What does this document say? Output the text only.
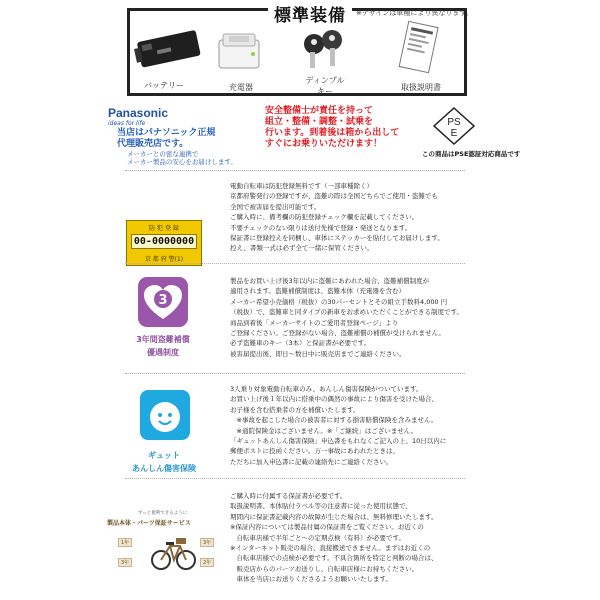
標準装備	※デザインは車種により異なります。
バッテリー	充電器
ディンプル
キー	取扱説明書
Panasonic
ideas for life
当店はパナソニック正規
代理販売店です。
メーカーとの密な連携で
メーカー製品の安心をお届けします。
安全整備士が責任を持って
組立・整備・調整・試乗を
行います。到着後は箱から出して
すぐにお乗りいただけます！
PS
E
この商品はPSE認証対応商品です
防 犯 登 録
00-0000000
京 都 府 警(1)
電動自転車は防犯登録無料です（一部車種除く）
京都府警発行の登録ですが、盗難の際は全国どちらでご使用・盗難でも
全国で被害届を提出可能です。
ご購入時に、備考欄の防犯登録チェック欄を記載してください。
不要チェックのない限りは送付先様で登録・発送となります。
保証書に登録控えを同梱し、車体にステッカーを貼付してお届けします。
控え、書類一式は必ず全て一緒に保管ください。
3
3年間盗難補償
優遇制度
製品をお買い上げ後3年以内に盗難にあわれた場合、盗難補償制度が
適用されます。盗難補償制度は、盗難本体（充電器を含む）
メーカー希望小売価格（税抜）の30パーセントとその組立手数料4,000 円
（税抜）で、盗難車と同タイプの新車をお求めいただくことができる制度です。
商品到着後「メーカーサイトのご愛用者登録ページ」より
ご登録ください。ご登録がない場合、盗難補償の補償が受けられません。
必ず盗難車のキー（3本）と保証書が必要です。
被害届提出後、即日～数日中に販売店までご連絡ください。
ギュット
あんしん傷害保険
3人乗り対象電動自転車のみ、あんしん傷害保険がついています。
お買い上げ後１年以内に搭乗中の偶然の事故により傷害を受けた場合、
お子様を含む搭乗者の方を補償いたします。
　※事故を起こした場合の被害者に対する損害賠償保険を含みません。
　※通院保険金はございません。※「ご継続」はございません。
「ギュットあんしん傷害保険」申込書をもれなくご記入の上、10日以内に
郵便ポストに投函ください。万一事故にあわれたときは、
ただちに加入申込書に記載の連絡先にご連絡ください。
ずっと便利できるように
製品本体・パーツ保証サービス
1年
3年
3年
2年
ご購入時に付属する保証書が必要です。
取扱説明書、本体貼付ラベル等の注意書に従った使用状態で、
期間内に保証書記載内容の故障が生じた場合は、無料修理いたします。
※保証内容については製品付属の保証書をご覧ください。お近くの
　自転車店様で半年ごと～の定期点検（有料）が必要です。
※インターネット販売の場合、直接搬送できません。まずはお近くの
　自転車店様での点検が必要です。不具合箇所を特定と判断の場合は、
　販売店からのパーツお送りし、自転車店様にお持ちください。
　車体を当店にお送りくださるようお願いいたします。
